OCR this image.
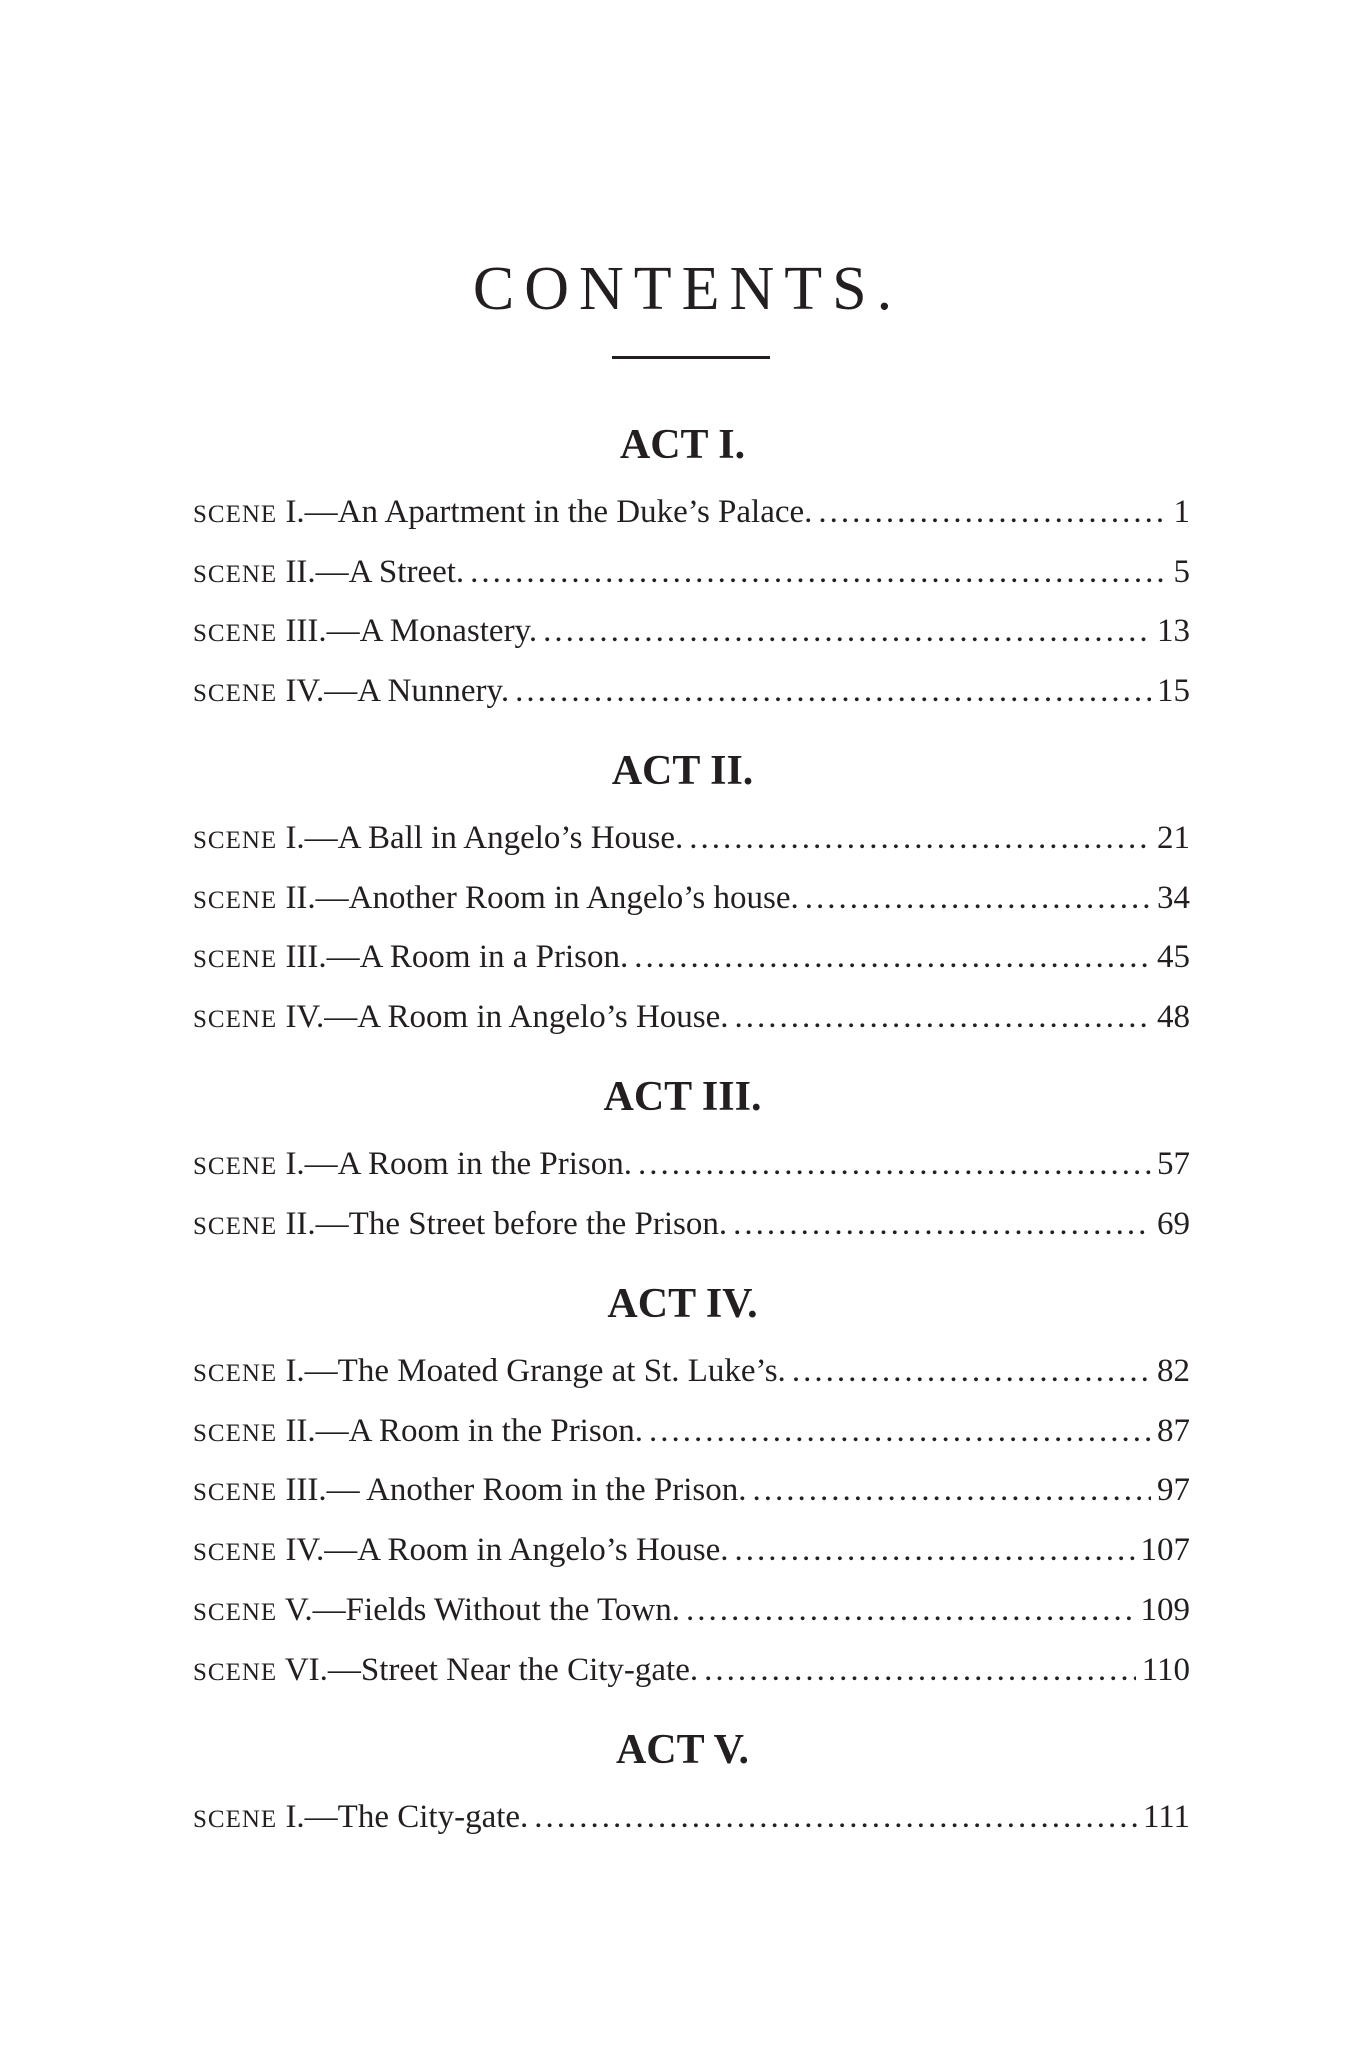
CONTENTS.
ACT I.
SCENE I.—An Apartment in the Duke’s Palace. .....	1
SCENE II.—A Street. .....	5
SCENE III.—A Monastery. .....	13
SCENE IV.—A Nunnery. .....	15
ACT II.
SCENE I.—A Ball in Angelo’s House. .....	21
SCENE II.—Another Room in Angelo’s house. .....	34
SCENE III.—A Room in a Prison. .....	45
SCENE IV.—A Room in Angelo’s House. .....	48
ACT III.
SCENE I.—A Room in the Prison. .....	57
SCENE II.—The Street before the Prison. .....	69
ACT IV.
SCENE I.—The Moated Grange at St. Luke’s. .....	82
SCENE II.—A Room in the Prison. .....	87
SCENE III.— Another Room in the Prison. .....	97
SCENE IV.—A Room in Angelo’s House. .....	107
SCENE V.—Fields Without the Town. .....	109
SCENE VI.—Street Near the City-gate. .....	110
ACT V.
SCENE I.—The City-gate. .....	111
